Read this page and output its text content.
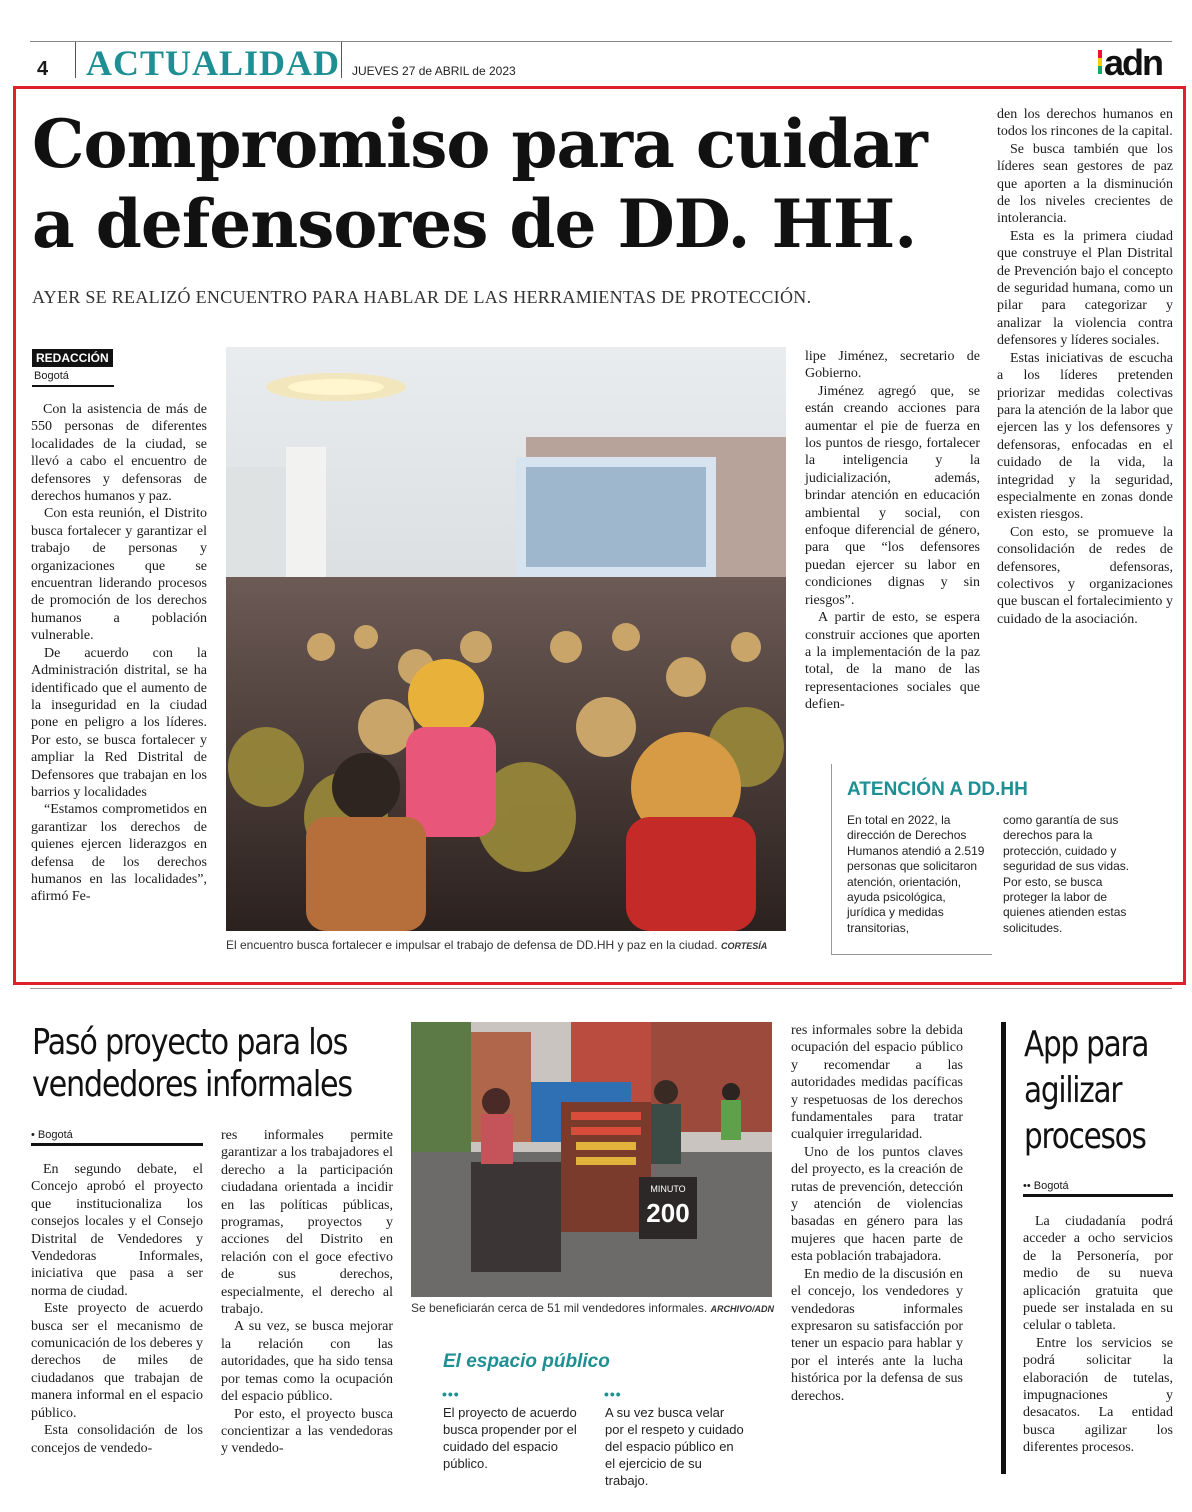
4 ACTUALIDAD JUEVES 27 de ABRIL de 2023	adn
Compromiso para cuidar a defensores de DD. HH.
AYER SE REALIZÓ ENCUENTRO PARA HABLAR DE LAS HERRAMIENTAS DE PROTECCIÓN.
REDACCIÓN
Bogotá

Con la asistencia de más de 550 personas de diferentes localidades de la ciudad, se llevó a cabo el encuentro de defensores y defensoras de derechos humanos y paz.

Con esta reunión, el Distrito busca fortalecer y garantizar el trabajo de personas y organizaciones que se encuentran liderando procesos de promoción de los derechos humanos a población vulnerable.

De acuerdo con la Administración distrital, se ha identificado que el aumento de la inseguridad en la ciudad pone en peligro a los líderes. Por esto, se busca fortalecer y ampliar la Red Distrital de Defensores que trabajan en los barrios y localidades

“Estamos comprometidos en garantizar los derechos de quienes ejercen liderazgos en defensa de los derechos humanos en las localidades”, afirmó Fe-

El encuentro busca fortalecer e impulsar el trabajo de defensa de DD.HH y paz en la ciudad. CORTESÍA

lipe Jiménez, secretario de Gobierno.

Jiménez agregó que, se están creando acciones para aumentar el pie de fuerza en los puntos de riesgo, fortalecer la inteligencia y la judicialización, además, brindar atención en educación ambiental y social, con enfoque diferencial de género, para que “los defensores puedan ejercer su labor en condiciones dignas y sin riesgos”.

A partir de esto, se espera construir acciones que aporten a la implementación de la paz total, de la mano de las representaciones sociales que defien-

den los derechos humanos en todos los rincones de la capital.

Se busca también que los líderes sean gestores de paz que aporten a la disminución de los niveles crecientes de intolerancia.

Esta es la primera ciudad que construye el Plan Distrital de Prevención bajo el concepto de seguridad humana, como un pilar para categorizar y analizar la violencia contra defensores y líderes sociales.

Estas iniciativas de escucha a los líderes pretenden priorizar medidas colectivas para la atención de la labor que ejercen las y los defensores y defensoras, enfocadas en el cuidado de la vida, la integridad y la seguridad, especialmente en zonas donde existen riesgos.

Con esto, se promueve la consolidación de redes de defensores, defensoras, colectivos y organizaciones que buscan el fortalecimiento y cuidado de la asociación.

ATENCIÓN A DD.HH
En total en 2022, la dirección de Derechos Humanos atendió a 2.519 personas que solicitaron atención, orientación, ayuda psicológica, jurídica y medidas transitorias,
como garantía de sus derechos para la protección, cuidado y seguridad de sus vidas. Por esto, se busca proteger la labor de quienes atienden estas solicitudes.
Pasó proyecto para los
vendedores informales
• Bogotá

En segundo debate, el Concejo aprobó el proyecto que institucionaliza los consejos locales y el Consejo Distrital de Vendedores y Vendedoras Informales, iniciativa que pasa a ser norma de ciudad.

Este proyecto de acuerdo busca ser el mecanismo de comunicación de los deberes y derechos de miles de ciudadanos que trabajan de manera informal en el espacio público.

Esta consolidación de los concejos de vendedo-

res informales permite garantizar a los trabajadores el derecho a la participación ciudadana orientada a incidir en las políticas públicas, programas, proyectos y acciones del Distrito en relación con el goce efectivo de sus derechos, especialmente, el derecho al trabajo.

A su vez, se busca mejorar la relación con las autoridades, que ha sido tensa por temas como la ocupación del espacio público.

Por esto, el proyecto busca concientizar a las vendedoras y vendedo-

MINUTO
200
Se beneficiarán cerca de 51 mil vendedores informales. ARCHIVO/ADN
El espacio público
•••	•••
El proyecto de acuerdo busca propender por el cuidado del espacio público.
A su vez busca velar por el respeto y cuidado del espacio público en el ejercicio de su trabajo.

res informales sobre la debida ocupación del espacio público y recomendar a las autoridades medidas pacíficas y respetuosas de los derechos fundamentales para tratar cualquier irregularidad.

Uno de los puntos claves del proyecto, es la creación de rutas de prevención, detección y atención de violencias basadas en género para las mujeres que hacen parte de esta población trabajadora.

En medio de la discusión en el concejo, los vendedores y vendedoras informales expresaron su satisfacción por tener un espacio para hablar y por el interés ante la lucha histórica por la defensa de sus derechos.

App para
agilizar
procesos
•• Bogotá

La ciudadanía podrá acceder a ocho servicios de la Personería, por medio de su nueva aplicación gratuita que puede ser instalada en su celular o tableta.

Entre los servicios se podrá solicitar la elaboración de tutelas, impugnaciones y desacatos. La entidad busca agilizar los diferentes procesos.
